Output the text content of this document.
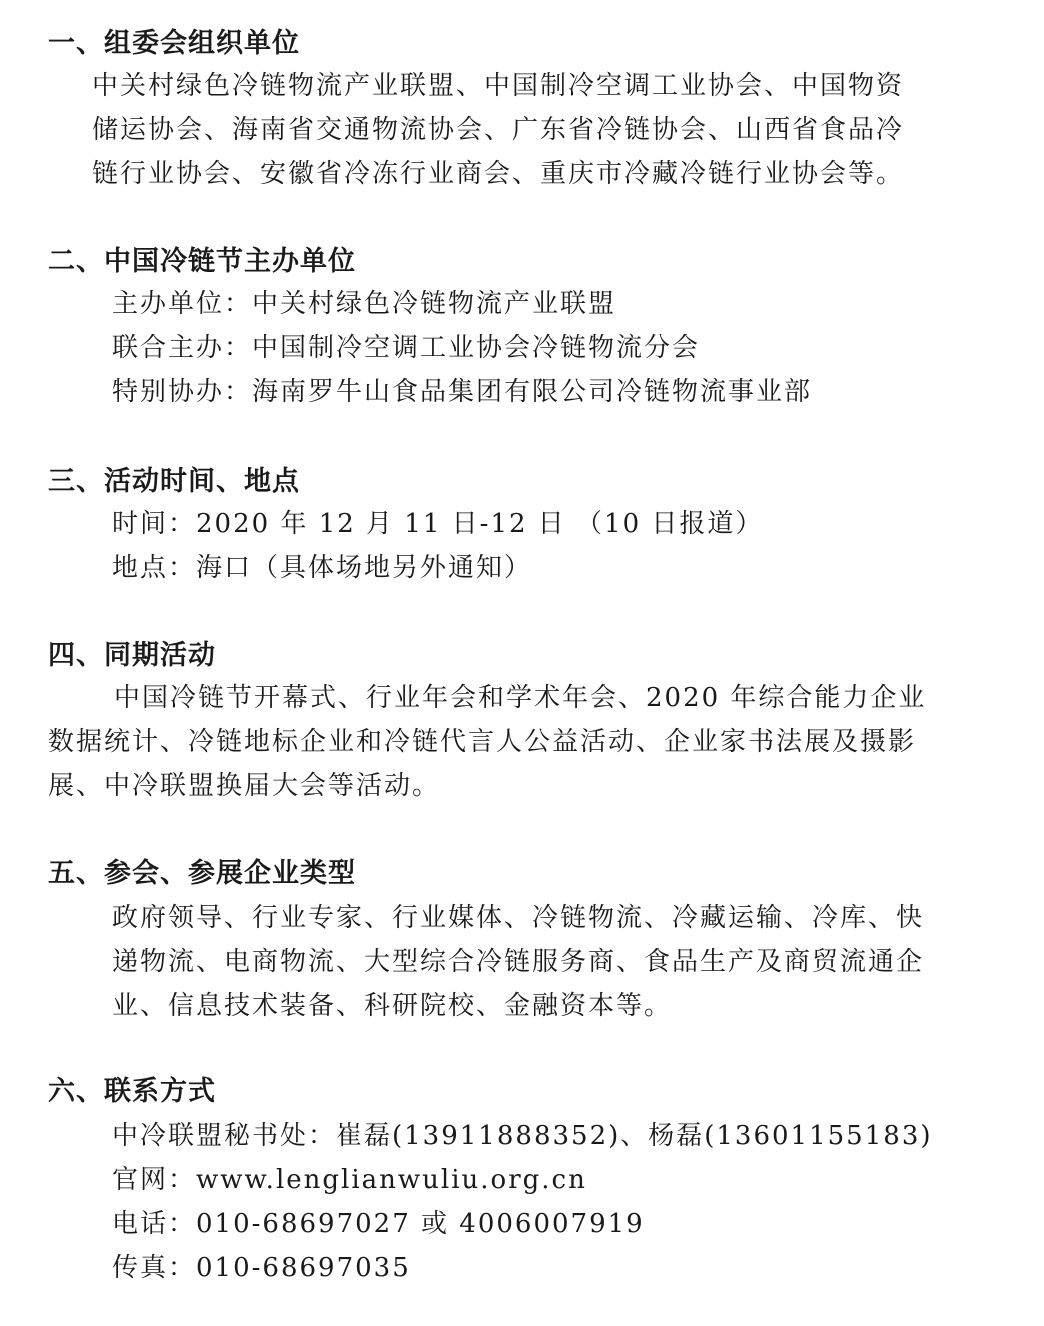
一、组委会组织单位
中关村绿色冷链物流产业联盟、中国制冷空调工业协会、中国物资
储运协会、海南省交通物流协会、广东省冷链协会、山西省食品冷
链行业协会、安徽省冷冻行业商会、重庆市冷藏冷链行业协会等。
二、中国冷链节主办单位
主办单位：中关村绿色冷链物流产业联盟
联合主办：中国制冷空调工业协会冷链物流分会
特别协办：海南罗牛山食品集团有限公司冷链物流事业部
三、活动时间、地点
时间：2020 年 12 月 11 日-12 日 （10 日报道）
地点：海口（具体场地另外通知）
四、同期活动
中国冷链节开幕式、行业年会和学术年会、2020 年综合能力企业
数据统计、冷链地标企业和冷链代言人公益活动、企业家书法展及摄影
展、中冷联盟换届大会等活动。
五、参会、参展企业类型
政府领导、行业专家、行业媒体、冷链物流、冷藏运输、冷库、快
递物流、电商物流、大型综合冷链服务商、食品生产及商贸流通企
业、信息技术装备、科研院校、金融资本等。
六、联系方式
中冷联盟秘书处：崔磊(13911888352)、杨磊(13601155183)
官网：www.lenglianwuliu.org.cn
电话：010-68697027 或 4006007919
传真：010-68697035
